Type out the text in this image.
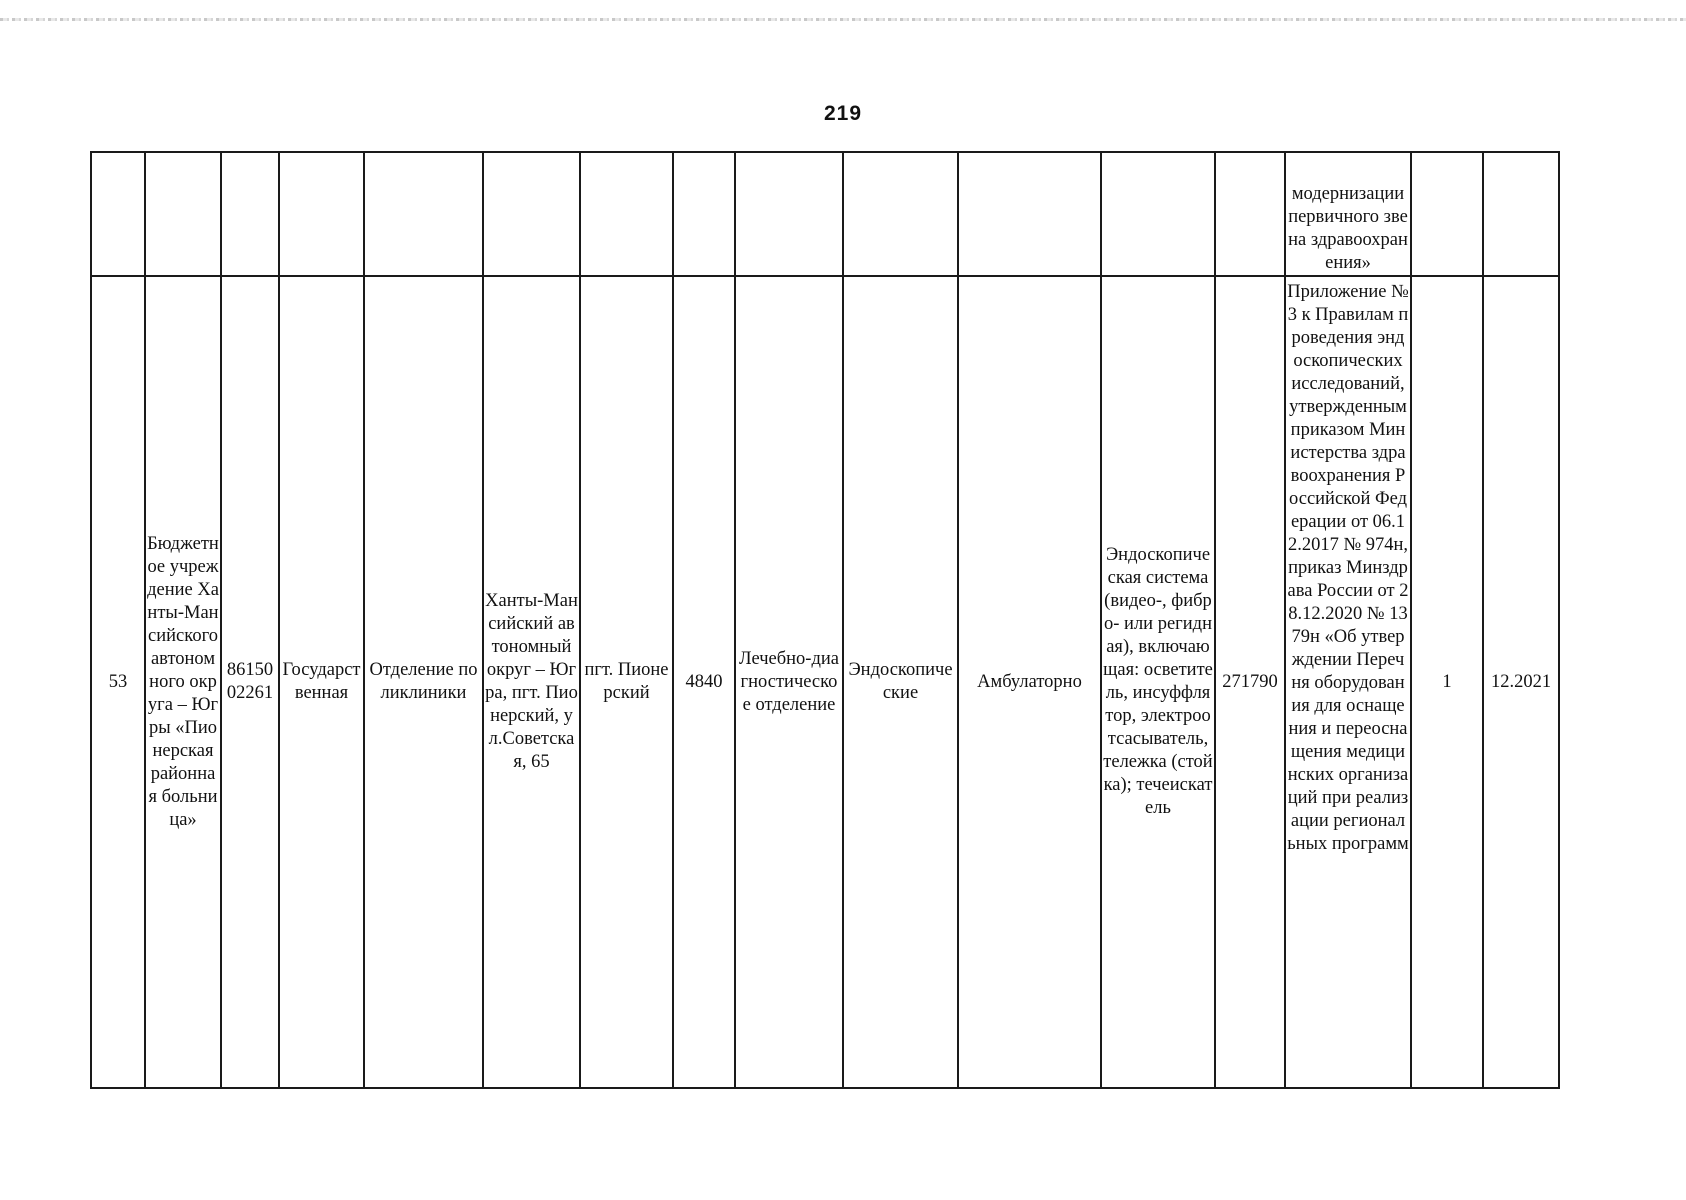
219

													модернизации первичного звена здравоохранения»		

53	Бюджетное учреждение Ханты-Мансийского автономного округа – Югры «Пионерская районная больница»	8615002261	Государственная	Отделение поликлиники	Ханты-Мансийский автономный округ – Югра, пгт. Пионерский, ул.Советская, 65	пгт. Пионерский	4840	Лечебно-диагностическое отделение	Эндоскопические	Амбулаторно	Эндоскопическая система (видео-, фибро- или регидная), включающая: осветитель, инсуффлятор, электроотсасыватель, тележка (стойка); течеискатель	271790	Приложение № 3 к Правилам проведения эндоскопических исследований, утвержденным приказом Министерства здравоохранения Российской Федерации от 06.12.2017 № 974н, приказ Минздрава России от 28.12.2020 № 1379н «Об утверждении Перечня оборудования для оснащения и переоснащения медицинских организаций при реализации региональных программ	1	12.2021
